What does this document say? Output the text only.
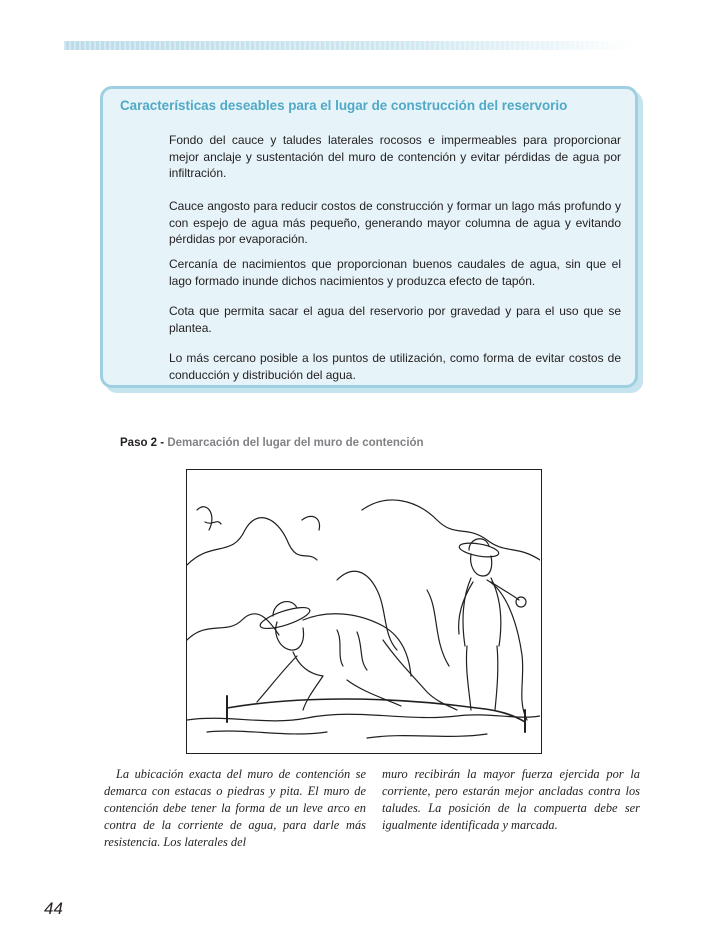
Características deseables para el lugar de construcción del reservorio
Fondo del cauce y taludes laterales rocosos e impermeables para proporcionar mejor anclaje y sustentación del muro de contención y evitar pérdidas de agua por infiltración.
Cauce angosto para reducir costos de construcción y formar un lago más profundo y con espejo de agua más pequeño, generando mayor columna de agua y evitando pérdidas por evaporación.
Cercanía de nacimientos que proporcionan buenos caudales de agua, sin que el lago formado inunde dichos nacimientos y produzca efecto de tapón.
Cota que permita sacar el agua del reservorio por gravedad y para el uso que se plantea.
Lo más cercano posible a los puntos de utilización, como forma de evitar costos de conducción y distribución del agua.
Paso 2 - Demarcación del lugar del muro de contención

La ubicación exacta del muro de contención se demarca con estacas o piedras y pita. El muro de contención debe tener la forma de un leve arco en contra de la corriente de agua, para darle más resistencia. Los laterales del

muro recibirán la mayor fuerza ejercida por la corriente, pero estarán mejor ancladas contra los taludes. La posición de la compuerta debe ser igualmente identificada y marcada.

44
